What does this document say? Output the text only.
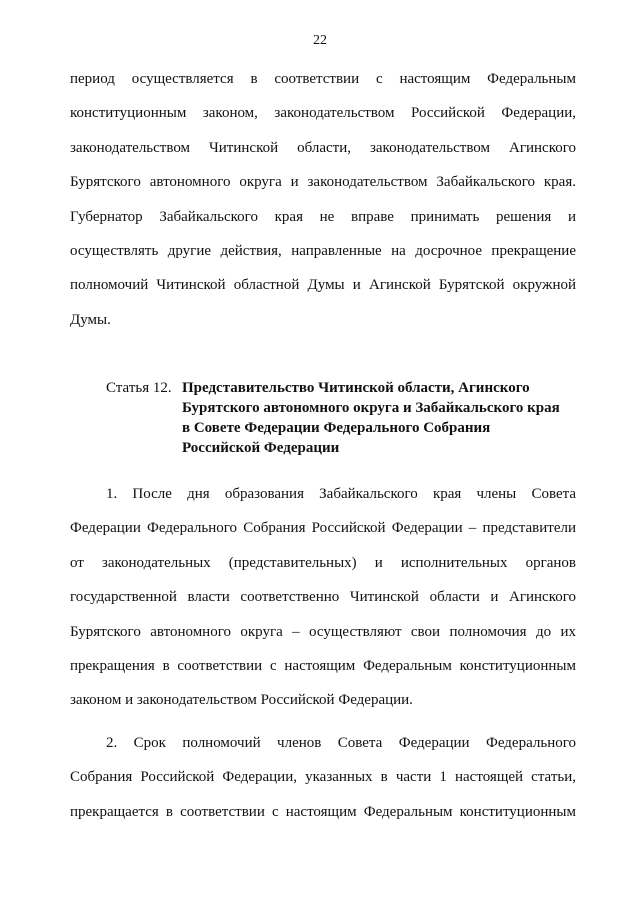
22
период осуществляется в соответствии с настоящим Федеральным
конституционным законом, законодательством Российской Федерации,
законодательством Читинской области, законодательством Агинского
Бурятского автономного округа и законодательством Забайкальского края.
Губернатор Забайкальского края не вправе принимать решения и
осуществлять другие действия, направленные на досрочное прекращение
полномочий Читинской областной Думы и Агинской Бурятской окружной
Думы.
Статья 12. Представительство Читинской области, Агинского
Бурятского автономного округа и Забайкальского края
в Совете Федерации Федерального Собрания
Российской Федерации
1. После дня образования Забайкальского края члены Совета
Федерации Федерального Собрания Российской Федерации – представители
от законодательных (представительных) и исполнительных органов
государственной власти соответственно Читинской области и Агинского
Бурятского автономного округа – осуществляют свои полномочия до их
прекращения в соответствии с настоящим Федеральным конституционным
законом и законодательством Российской Федерации.
2. Срок полномочий членов Совета Федерации Федерального
Собрания Российской Федерации, указанных в части 1 настоящей статьи,
прекращается в соответствии с настоящим Федеральным конституционным
